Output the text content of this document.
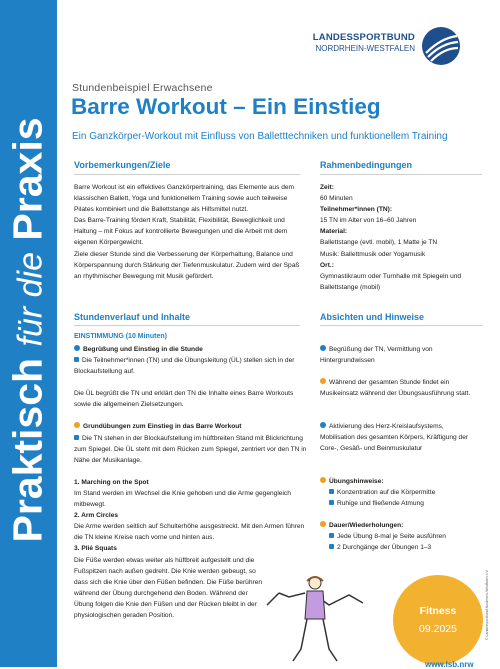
Praktisch für die Praxis
LANDESSPORTBUND
NORDRHEIN-WESTFALEN
Stundenbeispiel Erwachsene
Barre Workout – Ein Einstieg
Ein Ganzkörper-Workout mit Einfluss von Balletttechniken und funktionellem Training
Vorbemerkungen/Ziele

Barre Workout ist ein effektives Ganzkörpertraining, das Elemente aus dem klassischen Ballett, Yoga und funktionellem Training sowie auch teilweise Pilates kombiniert und die Ballettstange als Hilfsmittel nutzt.

Das Barre-Training fördert Kraft, Stabilität, Flexibilität, Beweglichkeit und Haltung – mit Fokus auf kontrollierte Bewegungen und die Arbeit mit dem eigenen Körpergewicht.

Ziele dieser Stunde sind die Verbesserung der Körperhaltung, Balance und Körperspannung durch Stärkung der Tiefenmuskulatur. Zudem wird der Spaß an rhythmischer Bewegung mit Musik gefördert.

Rahmenbedingungen

Zeit:

60 Minuten

Teilnehmer*innen (TN):

15 TN im Alter von 16–60 Jahren

Material:

Ballettstange (evtl. mobil), 1 Matte je TN

Musik: Ballettmusik oder Yogamusik

Ort.:

Gymnastikraum oder Turnhalle mit Spiegeln und Ballettstange (mobil)

Stundenverlauf und Inhalte
EINSTIMMUNG (10 Minuten)

Begrüßung und Einstieg in die Stunde

Die Teilnehmer*innen (TN) und die Übungsleitung (ÜL) stellen sich in der Blockaufstellung auf.

Die ÜL begrüßt die TN und erklärt den TN die Inhalte eines Barre Workouts sowie die allgemeinen Zielsetzungen.

Grundübungen zum Einstieg in das Barre Workout

Die TN stehen in der Blockaufstellung im hüftbreiten Stand mit Blickrichtung zum Spiegel. Die ÜL steht mit dem Rücken zum Spiegel, zentriert vor den TN in Nähe der Musikanlage.

1. Marching on the Spot

Im Stand werden im Wechsel die Knie gehoben und die Arme gegengleich mitbewegt.

2. Arm Circles

Die Arme werden seitlich auf Schulterhöhe ausgestreckt. Mit den Armen führen die TN kleine Kreise nach vorne und hinten aus.

3. Plié Squats

Die Füße werden etwas weiter als hüftbreit aufgestellt und die Fußspitzen nach außen gedreht. Die Knie werden gebeugt, so dass sich die Knie über den Füßen befinden. Die Füße berühren während der Übung durchgehend den Boden. Während der Übung folgen die Knie den Füßen und der Rücken bleibt in der physiologischen geraden Position.

Absichten und Hinweise

Begrüßung der TN, Vermittlung von Hintergrundwissen

Während der gesamten Stunde findet ein Musikeinsatz während der Übungsausführung statt.

Aktivierung des Herz-Kreislaufsystems, Mobilisation des gesamten Körpers, Kräftigung der Core-, Gesäß- und Beinmuskulatur

Übungshinweise:

Konzentration auf die Körpermitte

Ruhige und fließende Atmung

Dauer/Wiederholungen:

Jede Übung 8-mal je Seite ausführen

2 Durchgänge der Übungen 1–3

Fitness
09.2025	© Landessportbund Nordrhein-Westfalen e.V.
www.lsb.nrw
